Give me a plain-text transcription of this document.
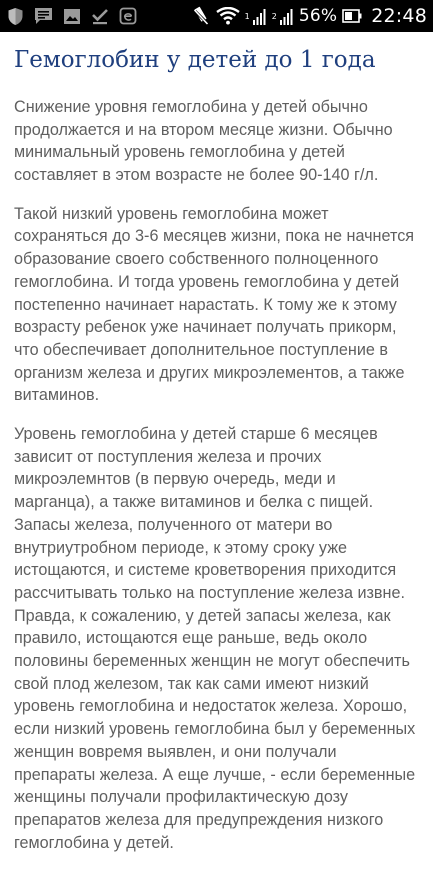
1	2 56% 22:48
Гемоглобин у детей до 1 года

Снижение уровня гемоглобина у детей обычно продолжается и на втором месяце жизни. Обычно минимальный уровень гемоглобина у детей составляет в этом возрасте не более 90-140 г/л.

Такой низкий уровень гемоглобина может сохраняться до 3-6 месяцев жизни, пока не начнется образование своего собственного полноценного гемоглобина. И тогда уровень гемоглобина у детей постепенно начинает нарастать. К тому же к этому возрасту ребенок уже начинает получать прикорм, что обеспечивает дополнительное поступление в организм железа и других микроэлементов, а также витаминов.

Уровень гемоглобина у детей старше 6 месяцев зависит от поступления железа и прочих микроэлемнтов (в первую очередь, меди и марганца), а также витаминов и белка с пищей. Запасы железа, полученного от матери во внутриутробном периоде, к этому сроку уже истощаются, и системе кроветворения приходится рассчитывать только на поступление железа извне. Правда, к сожалению, у детей запасы железа, как правило, истощаются еще раньше, ведь около половины беременных женщин не могут обеспечить свой плод железом, так как сами имеют низкий уровень гемоглобина и недостаток железа. Хорошо, если низкий уровень гемоглобина был у беременных женщин вовремя выявлен, и они получали препараты железа. А еще лучше, - если беременные женщины получали профилактическую дозу препаратов железа для предупреждения низкого гемоглобина у детей.
